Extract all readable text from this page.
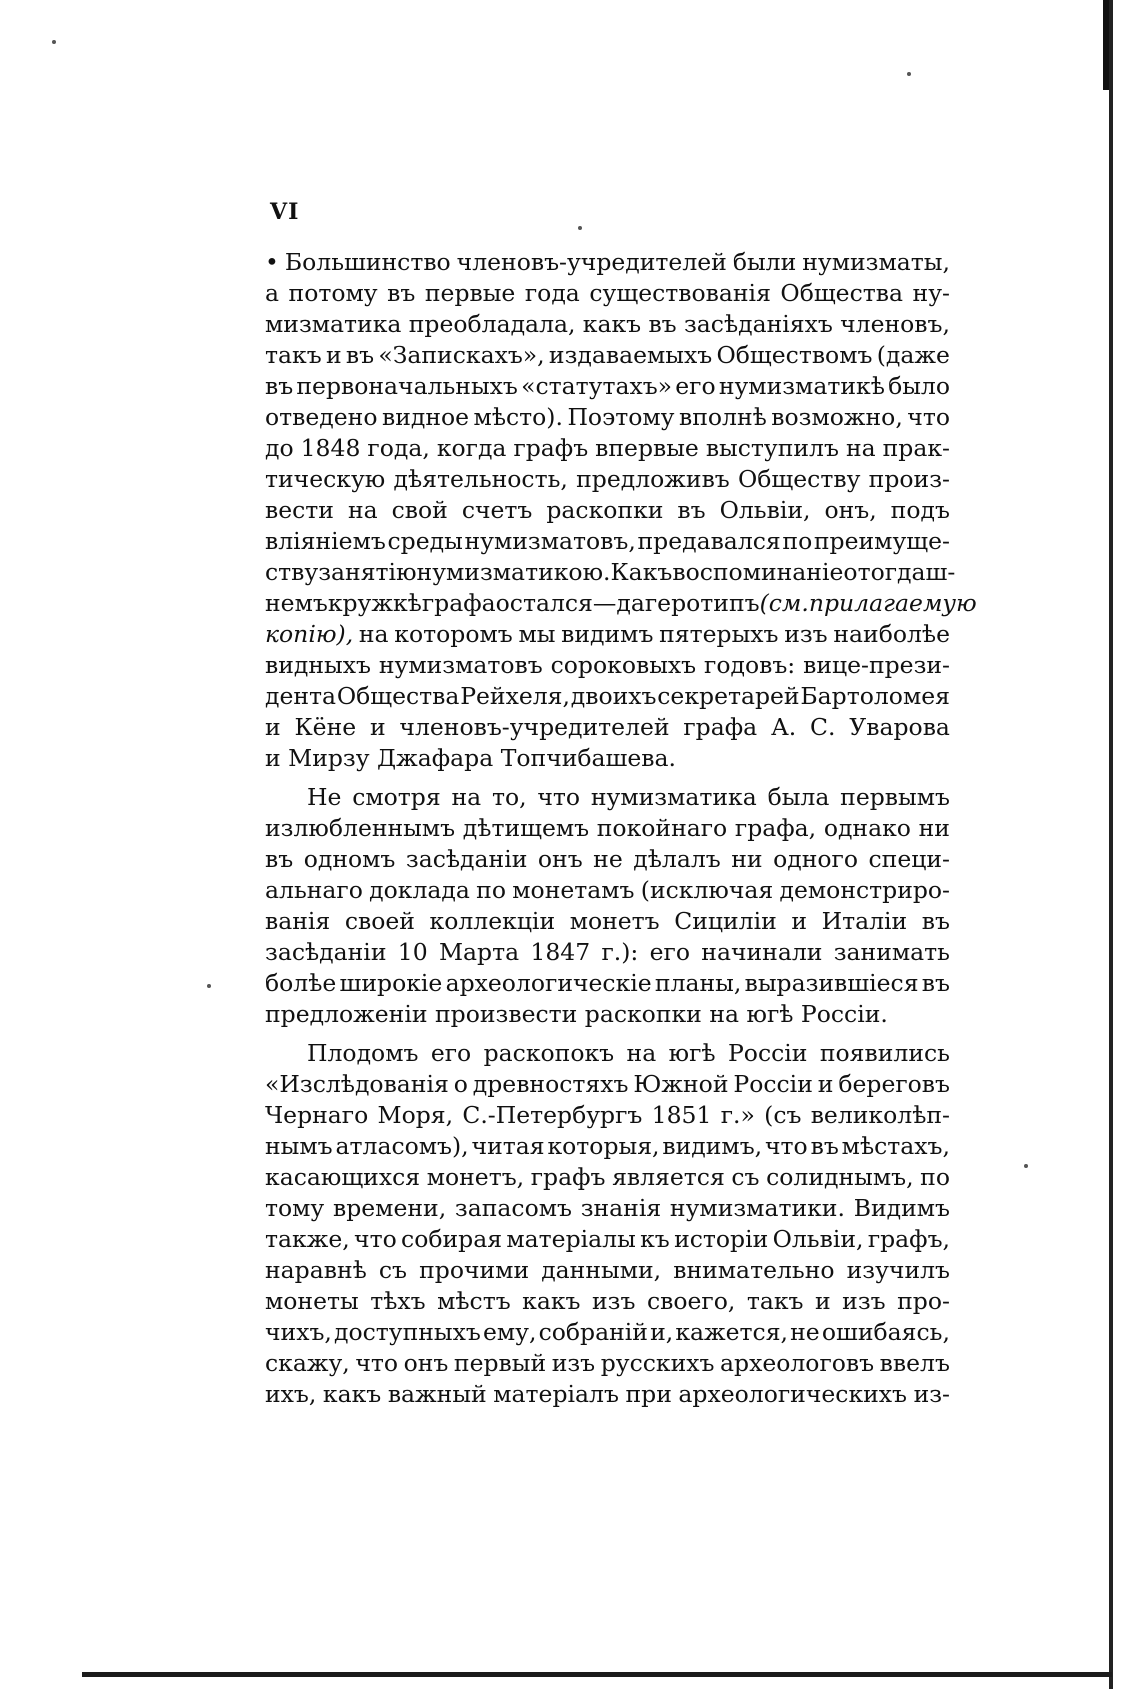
VI
• Большинство членовъ-учредителей были нумизматы,
а потому въ первые года существованія Общества ну-
мизматика преобладала, какъ въ засѣданіяхъ членовъ,
такъ и въ «Запискахъ», издаваемыхъ Обществомъ (даже
въ первоначальныхъ «статутахъ» его нумизматикѣ было
отведено видное мѣсто). Поэтому вполнѣ возможно, что
до 1848 года, когда графъ впервые выступилъ на прак-
тическую дѣятельность, предложивъ Обществу произ-
вести на свой счетъ раскопки въ Ольвіи, онъ, подъ
вліяніемъ среды нумизматовъ, предавался по преимуще-
ству занятію нумизматикою. Какъ воспоминаніе о тогдаш-
немъ кружкѣ графа остался —дагеротипъ (см. прилагаемую
копію), на которомъ мы видимъ пятерыхъ изъ наиболѣе
видныхъ нумизматовъ сороковыхъ годовъ: вице-прези-
дента Общества Рейхеля, двоихъ секретарей Бартоломея
и Кёне и членовъ-учредителей графа А. С. Уварова
и Мирзу Джафара Топчибашева.
Не смотря на то, что нумизматика была первымъ
излюбленнымъ дѣтищемъ покойнаго графа, однако ни
въ одномъ засѣданіи онъ не дѣлалъ ни одного специ-
альнаго доклада по монетамъ (исключая демонстриро-
ванія своей коллекціи монетъ Сициліи и Италіи въ
засѣданіи 10 Марта 1847 г.): его начинали занимать
болѣе широкіе археологическіе планы, выразившіеся въ
предложеніи произвести раскопки на югѣ Россіи.
Плодомъ его раскопокъ на югѣ Россіи появились
«Изслѣдованія о древностяхъ Южной Россіи и береговъ
Чернаго Моря, С.-Петербургъ 1851 г.» (съ великолѣп-
нымъ атласомъ), читая которыя, видимъ, что въ мѣстахъ,
касающихся монетъ, графъ является съ солиднымъ, по
тому времени, запасомъ знанія нумизматики. Видимъ
также, что собирая матеріалы къ исторіи Ольвіи, графъ,
наравнѣ съ прочими данными, внимательно изучилъ
монеты тѣхъ мѣстъ какъ изъ своего, такъ и изъ про-
чихъ, доступныхъ ему, собраній и, кажется, не ошибаясь,
скажу, что онъ первый изъ русскихъ археологовъ ввелъ
ихъ, какъ важный матеріалъ при археологическихъ из-
